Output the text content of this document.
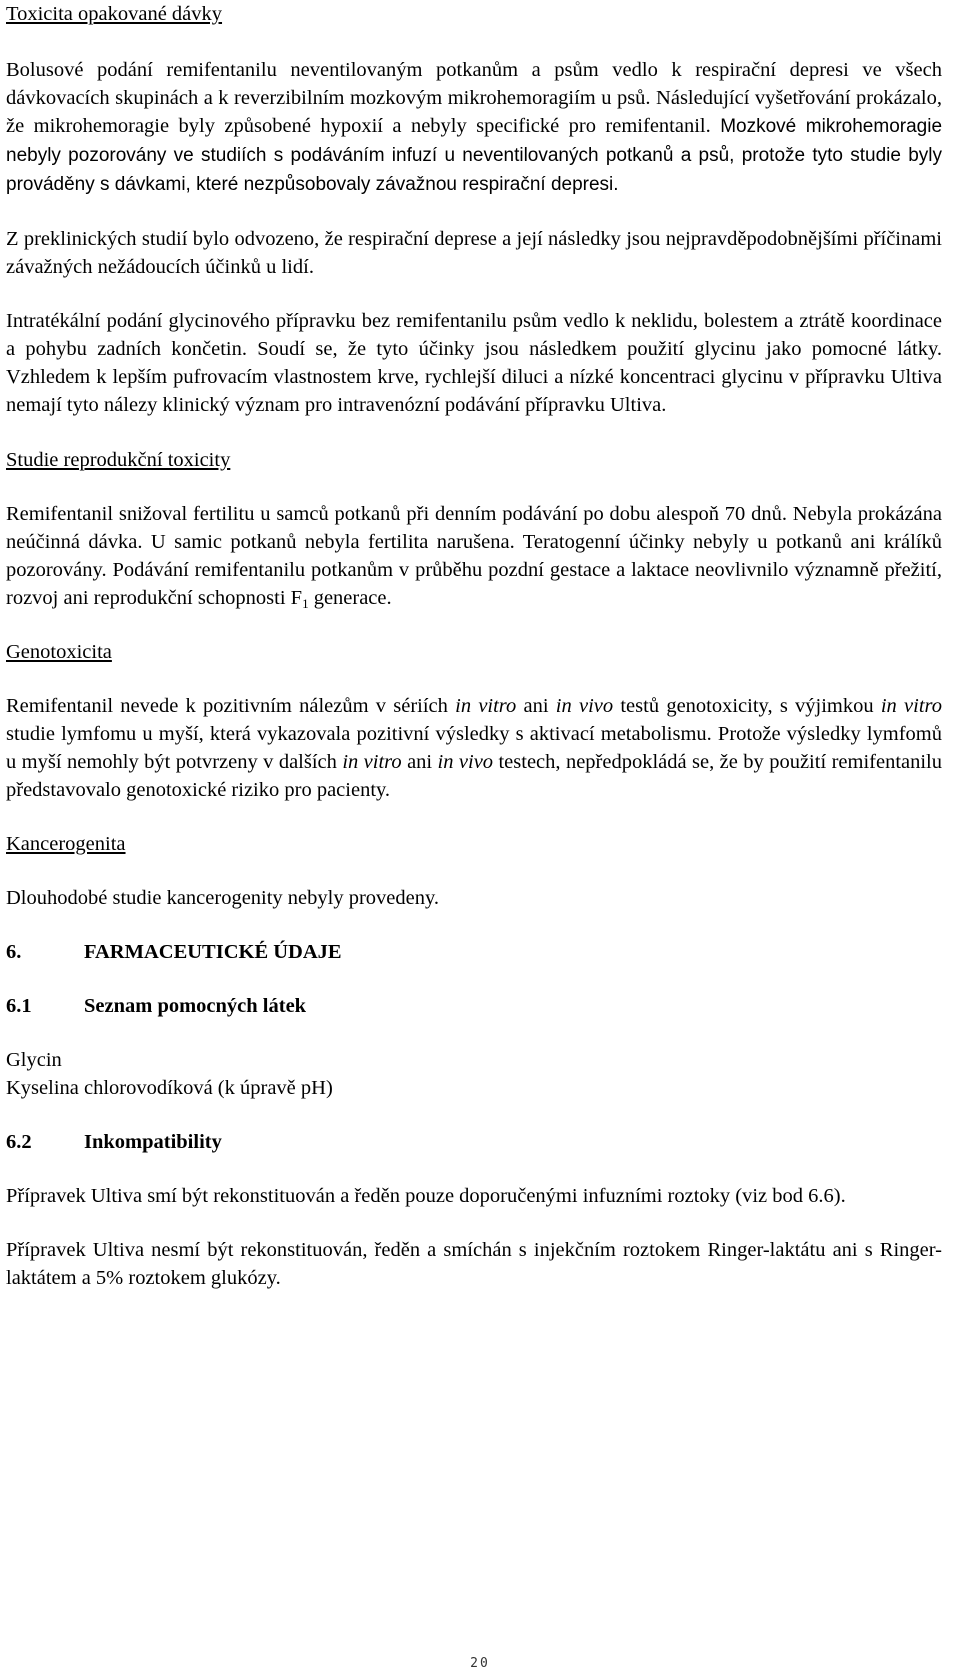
Toxicita opakované dávky

Bolusové podání remifentanilu neventilovaným potkanům a psům vedlo k respirační depresi ve všech dávkovacích skupinách a k reverzibilním mozkovým mikrohemoragiím u psů. Následující vyšetřování prokázalo, že mikrohemoragie byly způsobené hypoxií a nebyly specifické pro remifentanil. Mozkové mikrohemoragie nebyly pozorovány ve studiích s podáváním infuzí u neventilovaných potkanů a psů, protože tyto studie byly prováděny s dávkami, které nezpůsobovaly závažnou respirační depresi.

Z preklinických studií bylo odvozeno, že respirační deprese a její následky jsou nejpravděpodobnějšími příčinami závažných nežádoucích účinků u lidí.

Intratékální podání glycinového přípravku bez remifentanilu psům vedlo k neklidu, bolestem a ztrátě koordinace a pohybu zadních končetin. Soudí se, že tyto účinky jsou následkem použití glycinu jako pomocné látky. Vzhledem k lepším pufrovacím vlastnostem krve, rychlejší diluci a nízké koncentraci glycinu v přípravku Ultiva nemají tyto nálezy klinický význam pro intravenózní podávání přípravku Ultiva.

Studie reprodukční toxicity

Remifentanil snižoval fertilitu u samců potkanů při denním podávání po dobu alespoň 70 dnů. Nebyla prokázána neúčinná dávka. U samic potkanů nebyla fertilita narušena. Teratogenní účinky nebyly u potkanů ani králíků pozorovány. Podávání remifentanilu potkanům v průběhu pozdní gestace a laktace neovlivnilo významně přežití, rozvoj ani reprodukční schopnosti $F_1$ generace.

Genotoxicita

Remifentanil nevede k pozitivním nálezům v sériích in vitro ani in vivo testů genotoxicity, s výjimkou in vitro studie lymfomu u myší, která vykazovala pozitivní výsledky s aktivací metabolismu. Protože výsledky lymfomů u myší nemohly být potvrzeny v dalších in vitro ani in vivo testech, nepředpokládá se, že by použití remifentanilu představovalo genotoxické riziko pro pacienty.

Kancerogenita

Dlouhodobé studie kancerogenity nebyly provedeny.

6.	FARMACEUTICKÉ ÚDAJE

6.1	Seznam pomocných látek

Glycin

Kyselina chlorovodíková (k úpravě pH)

6.2	Inkompatibility

Přípravek Ultiva smí být rekonstituován a ředěn pouze doporučenými infuzními roztoky (viz bod 6.6).

Přípravek Ultiva nesmí být rekonstituován, ředěn a smíchán s injekčním roztokem Ringer-laktátu ani s Ringer-laktátem a 5% roztokem glukózy.

20
